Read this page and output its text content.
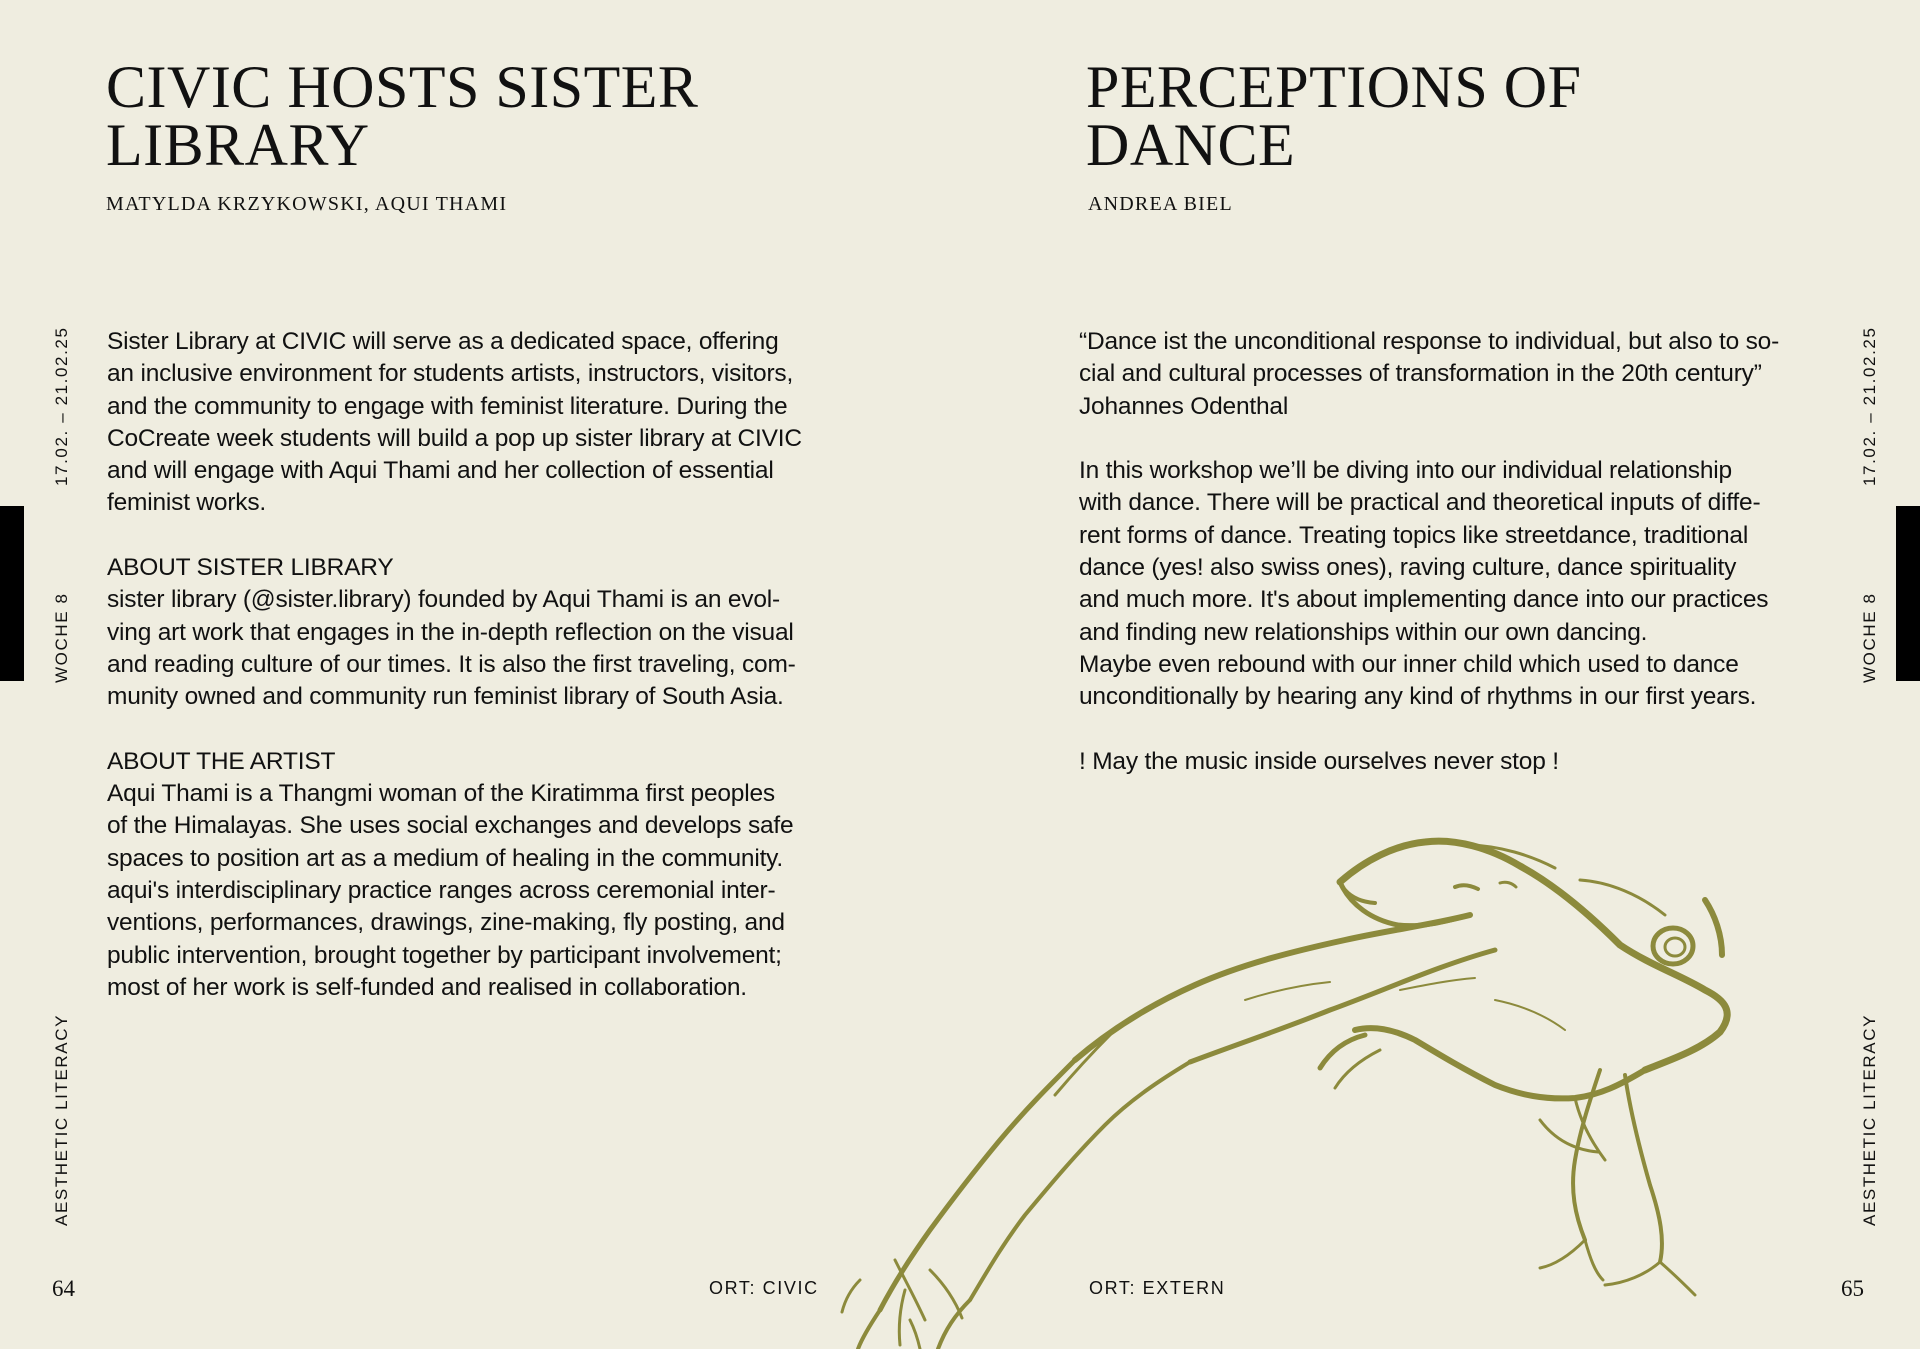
CIVIC HOSTS SISTER
LIBRARY
MATYLDA KRZYKOWSKI, AQUI THAMI
Sister Library at CIVIC will serve as a dedicated space, offering
an inclusive environment for students artists, instructors, visitors,
and the community to engage with feminist literature. During the
CoCreate week students will build a pop up sister library at CIVIC
and will engage with Aqui Thami and her collection of essential
feminist works.
ABOUT SISTER LIBRARY
sister library (@sister.library) founded by Aqui Thami is an evol-
ving art work that engages in the in-depth reflection on the visual
and reading culture of our times. It is also the first traveling, com-
munity owned and community run feminist library of South Asia.
ABOUT THE ARTIST
Aqui Thami is a Thangmi woman of the Kiratimma first peoples
of the Himalayas. She uses social exchanges and develops safe
spaces to position art as a medium of healing in the community.
aqui's interdisciplinary practice ranges across ceremonial inter-
ventions, performances, drawings, zine-making, fly posting, and
public intervention, brought together by participant involvement;
most of her work is self-funded and realised in collaboration.
17.02. – 21.02.25
WOCHE 8
AESTHETIC LITERACY
64	ORT: CIVIC
PERCEPTIONS OF
DANCE
ANDREA BIEL
“Dance ist the unconditional response to individual, but also to so-
cial and cultural processes of transformation in the 20th century”
Johannes Odenthal
In this workshop we’ll be diving into our individual relationship
with dance. There will be practical and theoretical inputs of diffe-
rent forms of dance. Treating topics like streetdance, traditional
dance (yes! also swiss ones), raving culture, dance spirituality
and much more. It's about implementing dance into our practices
and finding new relationships within our own dancing.
Maybe even rebound with our inner child which used to dance
unconditionally by hearing any kind of rhythms in our first years.
! May the music inside ourselves never stop !
17.02. – 21.02.25
WOCHE 8
AESTHETIC LITERACY
ORT: EXTERN	65
